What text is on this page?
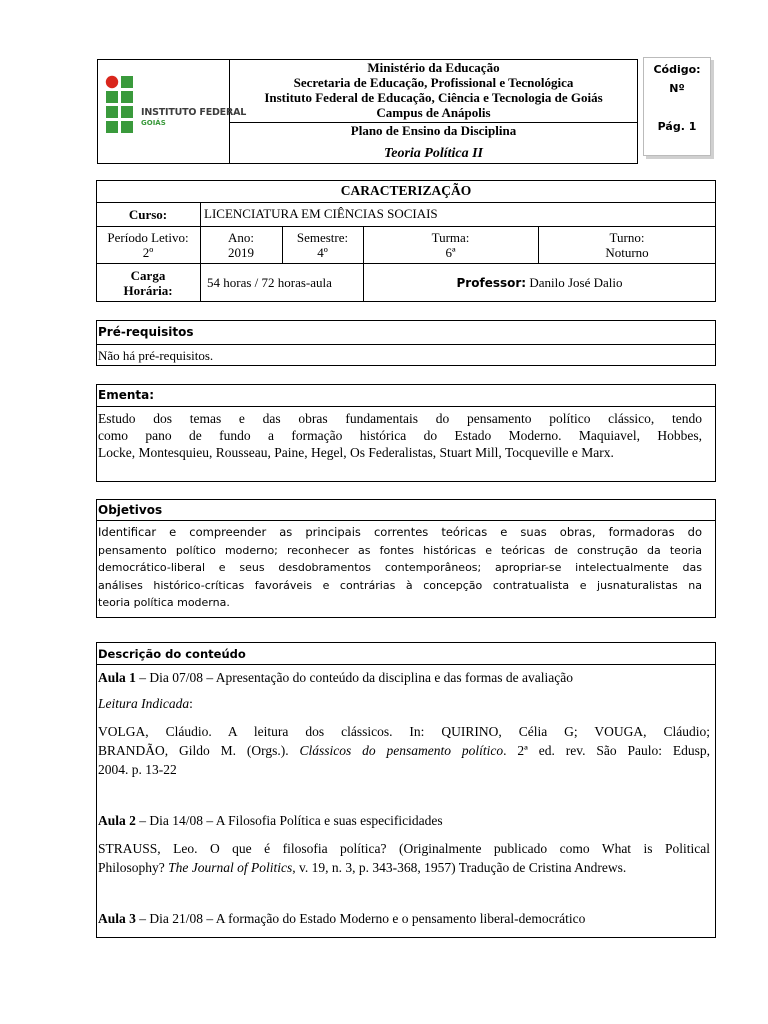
INSTITUTO FEDERAL
GOIÁS
Ministério da Educação
Secretaria de Educação, Profissional e Tecnológica
Instituto Federal de Educação, Ciência e Tecnologia de Goiás
Campus de Anápolis
Plano de Ensino da Disciplina
Teoria Política II
Código:
Nº
Pág. 1
CARACTERIZAÇÃO
Curso:	LICENCIATURA EM CIÊNCIAS SOCIAIS
Período Letivo:
2º
Ano:
2019
Semestre:
4º
Turma:
6ª
Turno:
Noturno
Carga
Horária:
54 horas / 72 horas-aula	Professor: Danilo José Dalio
Pré-requisitos
Não há pré-requisitos.
Ementa:
Estudo dos temas e das obras fundamentais do pensamento político clássico, tendo
como pano de fundo a formação histórica do Estado Moderno. Maquiavel, Hobbes,
Locke, Montesquieu, Rousseau, Paine, Hegel, Os Federalistas, Stuart Mill, Tocqueville e Marx.
Objetivos
Identificar e compreender as principais correntes teóricas e suas obras, formadoras do
pensamento político moderno; reconhecer as fontes históricas e teóricas de construção da teoria
democrático-liberal e seus desdobramentos contemporâneos; apropriar-se intelectualmente das
análises histórico-críticas favoráveis e contrárias à concepção contratualista e jusnaturalistas na
teoria política moderna.
Descrição do conteúdo
Aula 1 – Dia 07/08 – Apresentação do conteúdo da disciplina e das formas de avaliação
Leitura Indicada:
VOLGA, Cláudio. A leitura dos clássicos. In: QUIRINO, Célia G; VOUGA, Cláudio;
BRANDÃO, Gildo M. (Orgs.). Clássicos do pensamento político. 2ª ed. rev. São Paulo: Edusp,
2004. p. 13-22
Aula 2 – Dia 14/08 – A Filosofia Política e suas especificidades
STRAUSS, Leo. O que é filosofia política? (Originalmente publicado como What is Political
Philosophy? The Journal of Politics, v. 19, n. 3, p. 343-368, 1957) Tradução de Cristina Andrews.
Aula 3 – Dia 21/08 – A formação do Estado Moderno e o pensamento liberal-democrático
